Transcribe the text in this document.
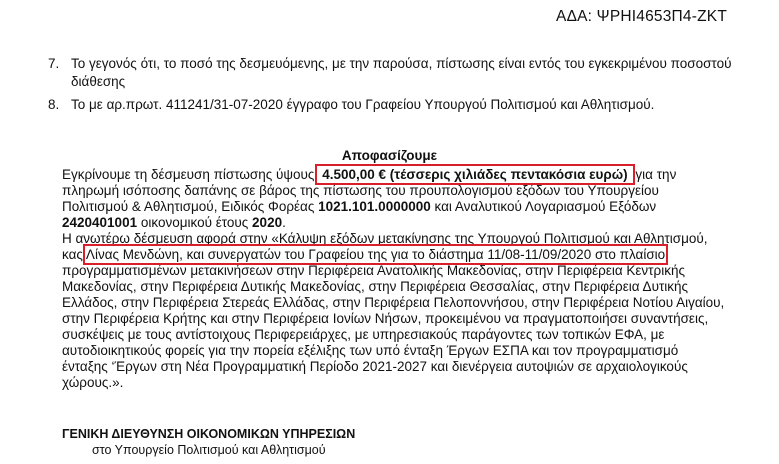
ΑΔΑ: ΨΡΗΙ4653Π4-ΖΚΤ
7. Το γεγονός ότι, το ποσό της δεσμευόμενης, με την παρούσα, πίστωσης είναι εντός του εγκεκριμένου ποσοστού διάθεσης
8. Το με αρ.πρωτ. 411241/31-07-2020 έγγραφο του Γραφείου Υπουργού Πολιτισμού και Αθλητισμού.
Αποφασίζουμε

Εγκρίνουμε τη δέσμευση πίστωσης ύψους 4.500,00 € (τέσσερις χιλιάδες πεντακόσια ευρώ) για την πληρωμή ισόποσης δαπάνης σε βάρος της πίστωσης του προυπολογισμού εξόδων του Υπουργείου Πολιτισμού & Αθλητισμού, Ειδικός Φορέας 1021.101.0000000 και Αναλυτικού Λογαριασμού Εξόδων 2420401001 οικονομικού έτους 2020.

Η ανωτέρω δέσμευση αφορά στην «Κάλυψη εξόδων μετακίνησης της Υπουργού Πολιτισμού και Αθλητισμού, κας Λίνας Μενδώνη, και συνεργατών του Γραφείου της για το διάστημα 11/08-11/09/2020 στο πλαίσιο προγραμματισμένων μετακινήσεων στην Περιφέρεια Ανατολικής Μακεδονίας, στην Περιφέρεια Κεντρικής Μακεδονίας, στην Περιφέρεια Δυτικής Μακεδονίας, στην Περιφέρεια Θεσσαλίας, στην Περιφέρεια Δυτικής Ελλάδος, στην Περιφέρεια Στερεάς Ελλάδας, στην Περιφέρεια Πελοποννήσου, στην Περιφέρεια Νοτίου Αιγαίου, στην Περιφέρεια Κρήτης και στην Περιφέρεια Ιονίων Νήσων, προκειμένου να πραγματοποιήσει συναντήσεις, συσκέψεις με τους αντίστοιχους Περιφερειάρχες, με υπηρεσιακούς παράγοντες των τοπικών ΕΦΑ, με αυτοδιοικητικούς φορείς για την πορεία εξέλιξης των υπό ένταξη Έργων ΕΣΠΑ και τον προγραμματισμό ένταξης ‘Έργων στη Νέα Προγραμματική Περίοδο 2021-2027 και διενέργεια αυτοψιών σε αρχαιολογικούς χώρους.».

ΓΕΝΙΚΗ ΔΙΕΥΘΥΝΣΗ ΟΙΚΟΝΟΜΙΚΩΝ ΥΠΗΡΕΣΙΩΝ
στο Υπουργείο Πολιτισμού και Αθλητισμού
